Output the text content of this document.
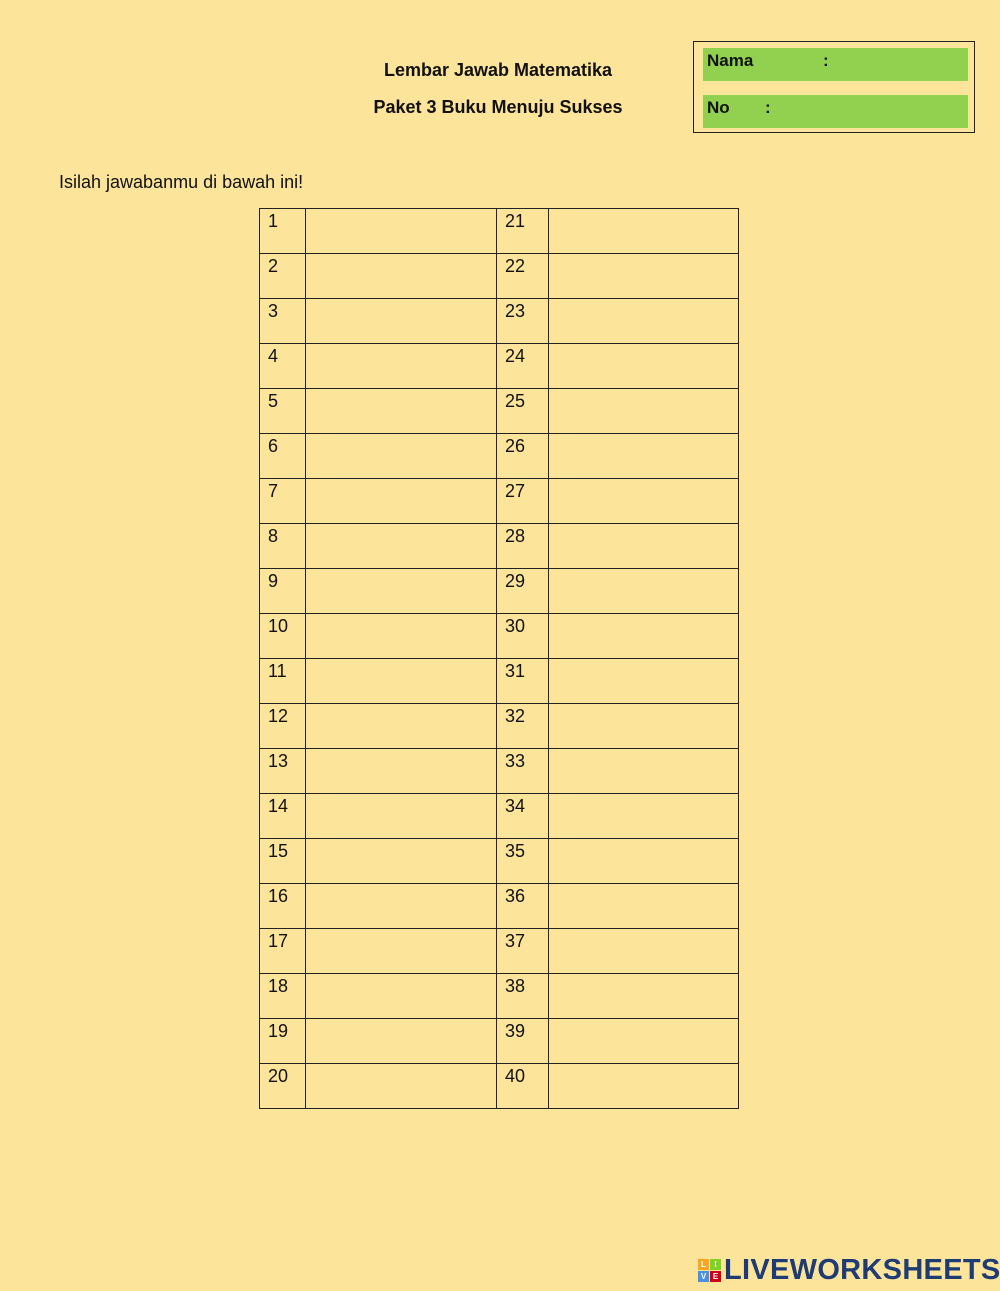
Lembar Jawab Matematika
Paket 3 Buku Menuju Sukses
Nama	:
No :
Isilah jawabanmu di bawah ini!
1		21	
2		22	
3		23	
4		24	
5		25	
6		26	
7		27	
8		28	
9		29	
10		30	
11		31	
12		32	
13		33	
14		34	
15		35	
16		36	
17		37	
18		38	
19		39	
20		40	
L	I
V E LIVEWORKSHEETS
